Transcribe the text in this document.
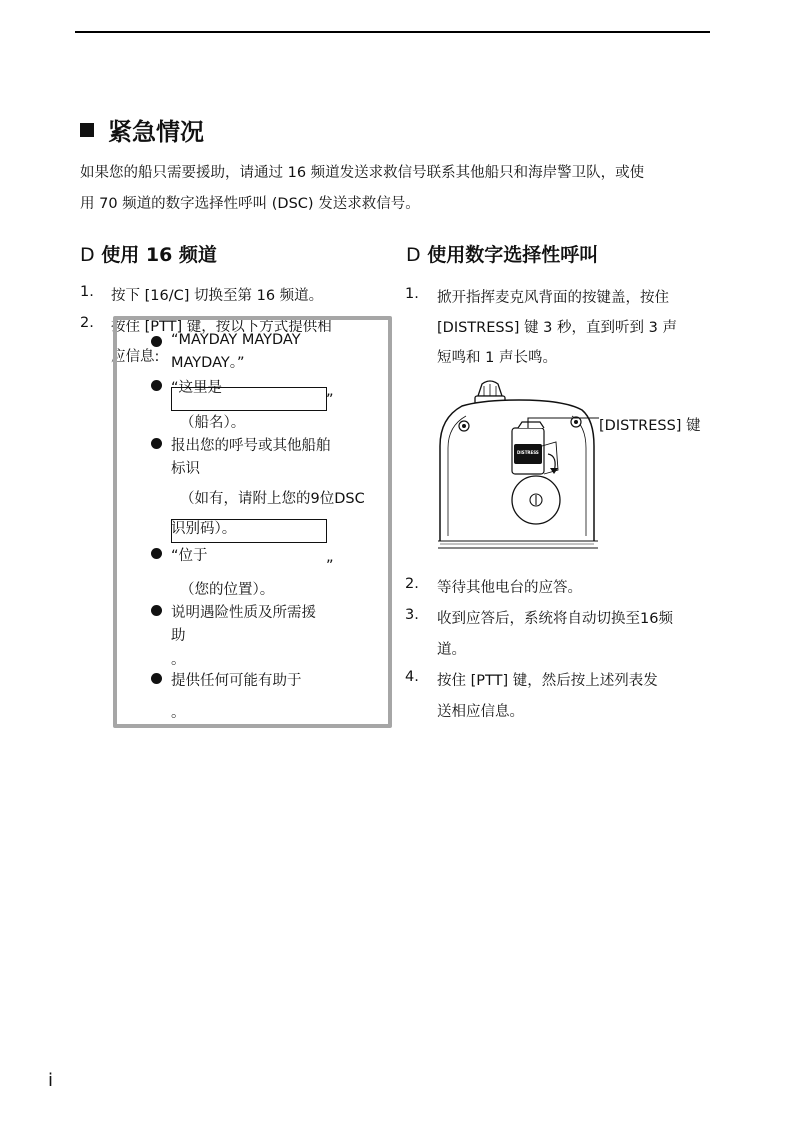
紧急情况
如果您的船只需要援助，请通过 16 频道发送求救信号联系其他船只和海岸警卫队，或使
用 70 频道的数字选择性呼叫 (DSC) 发送求救信号。
D 使用 16 频道
1. 按下 [16/C] 切换至第 16 频道。
2. 按住 [PTT] 键，按以下方式提供相
应信息:
“MAYDAY MAYDAY
MAYDAY。”
“这里是
”
（船名）。
报出您的呼号或其他船舶
标识
（如有，请附上您的9位DSC
识别码）。
“位于
”
（您的位置）。
说明遇险性质及所需援
助
。
提供任何可能有助于
。
D 使用数字选择性呼叫
1. 掀开指挥麦克风背面的按键盖，按住
[DISTRESS] 键 3 秒，直到听到 3 声
短鸣和 1 声长鸣。
DISTRESS
[DISTRESS] 键
2. 等待其他电台的应答。
3. 收到应答后，系统将自动切换至16频
道。
4. 按住 [PTT] 键，然后按上述列表发
送相应信息。
i
